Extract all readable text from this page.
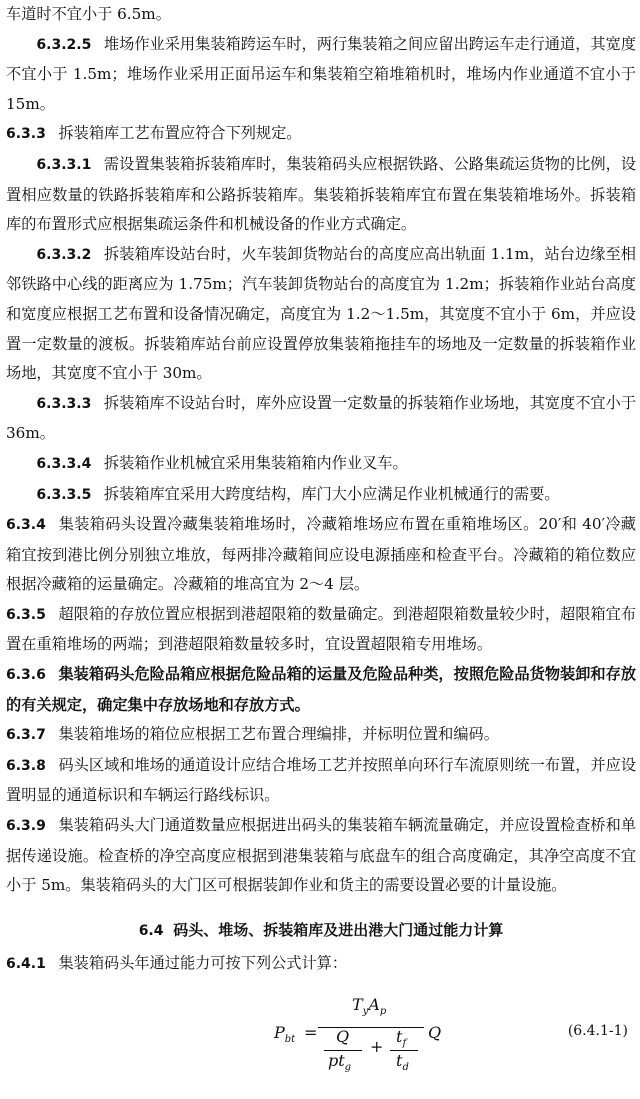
车道时不宜小于 6.5m。

6.3.2.5 堆场作业采用集装箱跨运车时，两行集装箱之间应留出跨运车走行通道，其宽度不宜小于 1.5m；堆场作业采用正面吊运车和集装箱空箱堆箱机时，堆场内作业通道不宜小于 15m。

6.3.3 拆装箱库工艺布置应符合下列规定。

6.3.3.1 需设置集装箱拆装箱库时，集装箱码头应根据铁路、公路集疏运货物的比例，设置相应数量的铁路拆装箱库和公路拆装箱库。集装箱拆装箱库宜布置在集装箱堆场外。拆装箱库的布置形式应根据集疏运条件和机械设备的作业方式确定。

6.3.3.2 拆装箱库设站台时，火车装卸货物站台的高度应高出轨面 1.1m，站台边缘至相邻铁路中心线的距离应为 1.75m；汽车装卸货物站台的高度宜为 1.2m；拆装箱作业站台高度和宽度应根据工艺布置和设备情况确定，高度宜为 1.2～1.5m，其宽度不宜小于 6m，并应设置一定数量的渡板。拆装箱库站台前应设置停放集装箱拖挂车的场地及一定数量的拆装箱作业场地，其宽度不宜小于 30m。

6.3.3.3 拆装箱库不设站台时，库外应设置一定数量的拆装箱作业场地，其宽度不宜小于 36m。

6.3.3.4 拆装箱作业机械宜采用集装箱箱内作业叉车。

6.3.3.5 拆装箱库宜采用大跨度结构，库门大小应满足作业机械通行的需要。

6.3.4 集装箱码头设置冷藏集装箱堆场时，冷藏箱堆场应布置在重箱堆场区。20′和 40′冷藏箱宜按到港比例分别独立堆放，每两排冷藏箱间应设电源插座和检查平台。冷藏箱的箱位数应根据冷藏箱的运量确定。冷藏箱的堆高宜为 2～4 层。

6.3.5 超限箱的存放位置应根据到港超限箱的数量确定。到港超限箱数量较少时，超限箱宜布置在重箱堆场的两端；到港超限箱数量较多时，宜设置超限箱专用堆场。

6.3.6 集装箱码头危险品箱应根据危险品箱的运量及危险品种类，按照危险品货物装卸和存放的有关规定，确定集中存放场地和存放方式。

6.3.7 集装箱堆场的箱位应根据工艺布置合理编排，并标明位置和编码。

6.3.8 码头区域和堆场的通道设计应结合堆场工艺并按照单向环行车流原则统一布置，并应设置明显的通道标识和车辆运行路线标识。

6.3.9 集装箱码头大门通道数量应根据进出码头的集装箱车辆流量确定，并应设置检查桥和单据传递设施。检查桥的净空高度应根据到港集装箱与底盘车的组合高度确定，其净空高度不宜小于 5m。集装箱码头的大门区可根据装卸作业和货主的需要设置必要的计量设施。

6.4 码头、堆场、拆装箱库及进出港大门通过能力计算

6.4.1 集装箱码头年通过能力可按下列公式计算：

$P_{bt}$ =
$T_yA_p$
Q
$pt_g$
+
$t_f$
$t_d$
Q	(6.4.1-1)
